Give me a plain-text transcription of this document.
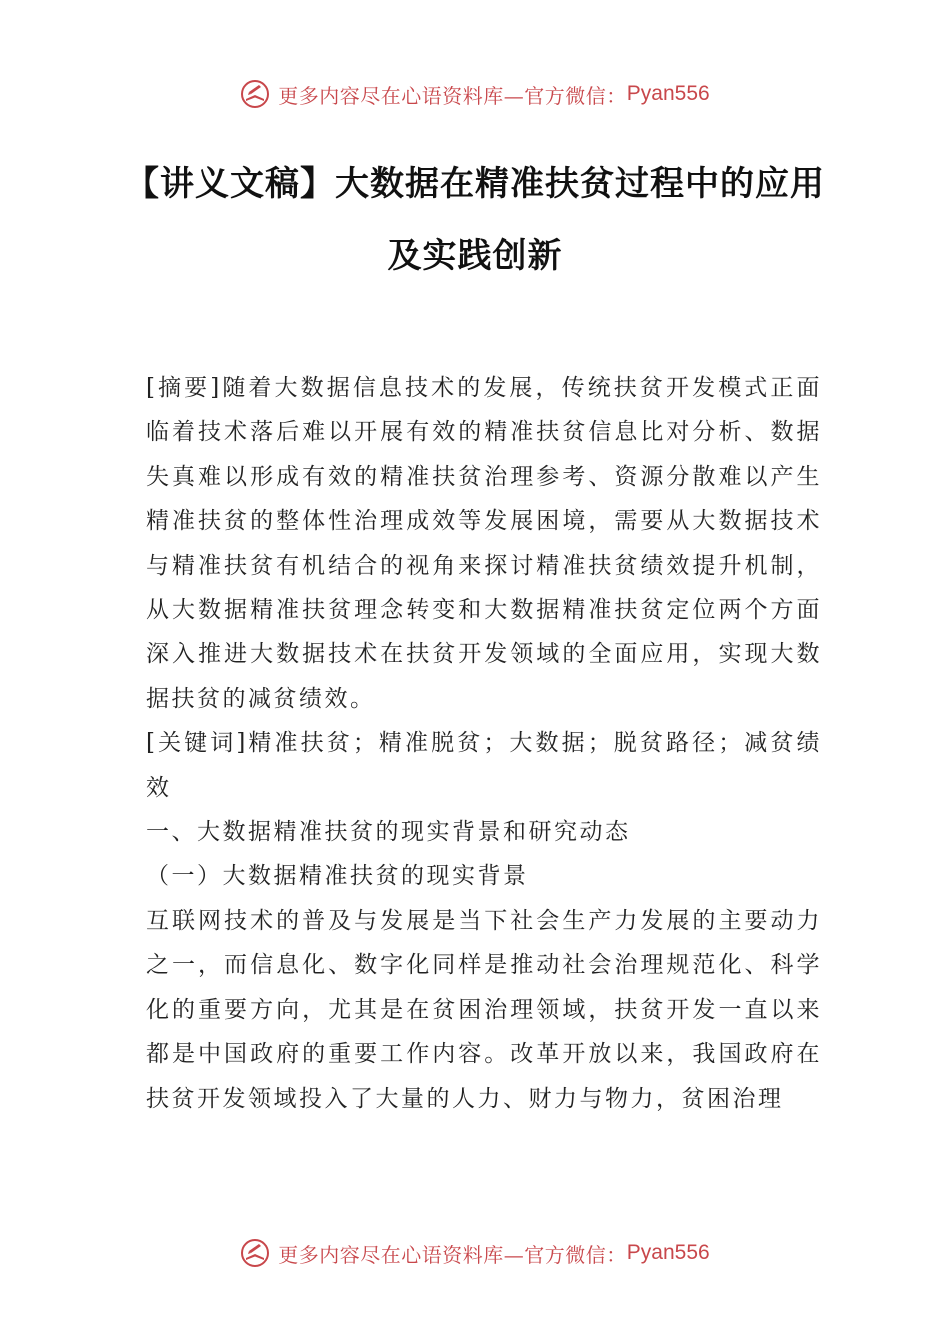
更多内容尽在心语资料库—官方微信： Pyan556
【讲义文稿】大数据在精准扶贫过程中的应用及实践创新

[摘要]随着大数据信息技术的发展，传统扶贫开发模式正面临着技术落后难以开展有效的精准扶贫信息比对分析、数据失真难以形成有效的精准扶贫治理参考、资源分散难以产生精准扶贫的整体性治理成效等发展困境，需要从大数据技术与精准扶贫有机结合的视角来探讨精准扶贫绩效提升机制， 从大数据精准扶贫理念转变和大数据精准扶贫定位两个方面深入推进大数据技术在扶贫开发领域的全面应用，实现大数据扶贫的减贫绩效。

[关键词]精准扶贫；精准脱贫；大数据；脱贫路径；减贫绩效

一、大数据精准扶贫的现实背景和研究动态

（一）大数据精准扶贫的现实背景

互联网技术的普及与发展是当下社会生产力发展的主要动力之一，而信息化、数字化同样是推动社会治理规范化、科学化的重要方向，尤其是在贫困治理领域，扶贫开发一直以来都是中国政府的重要工作内容。改革开放以来，我国政府在扶贫开发领域投入了大量的人力、财力与物力，贫困治理

更多内容尽在心语资料库—官方微信： Pyan556
